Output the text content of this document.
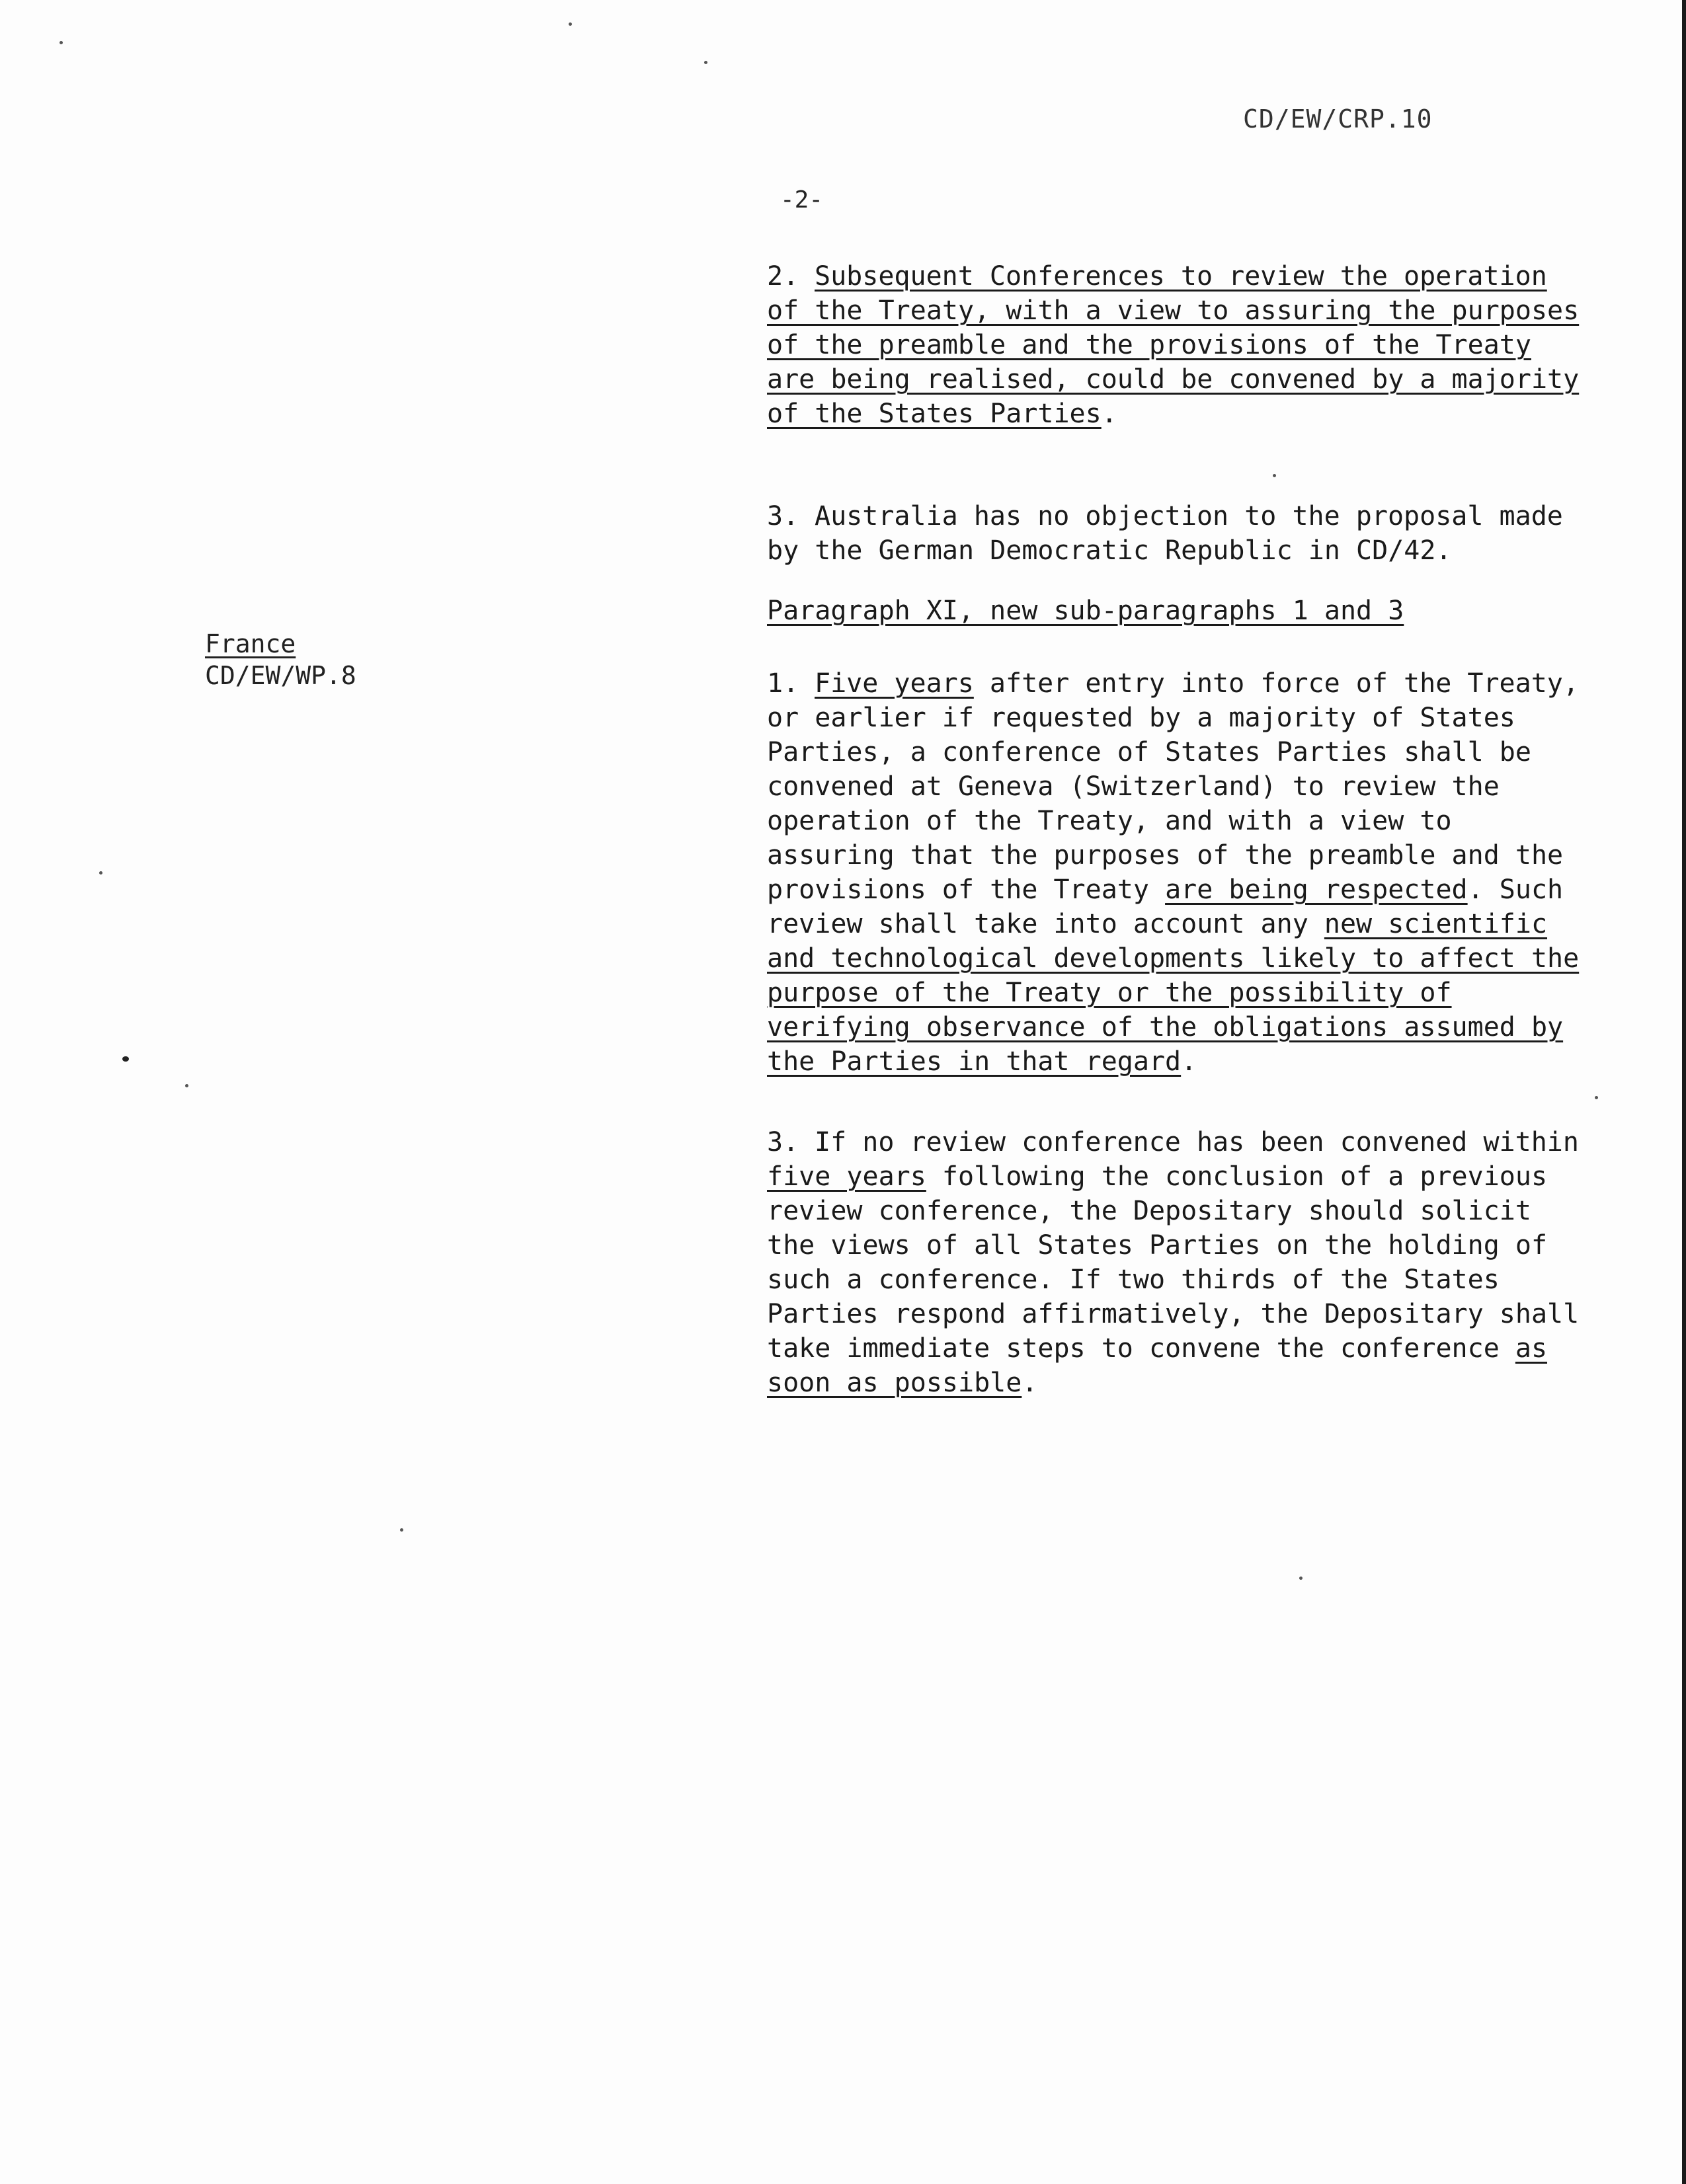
CD/EW/CRP.10
-2-
France
CD/EW/WP.8

2. Subsequent Conferences to review the operation of the Treaty, with a view to assuring the purposes of the preamble and the provisions of the Treaty are being realised, could be convened by a majority of the States Parties.

3. Australia has no objection to the proposal made by the German Democratic Republic in CD/42.

Paragraph XI, new sub-paragraphs 1 and 3

1. Five years after entry into force of the Treaty, or earlier if requested by a majority of States Parties, a conference of States Parties shall be convened at Geneva (Switzerland) to review the operation of the Treaty, and with a view to assuring that the purposes of the preamble and the provisions of the Treaty are being respected. Such review shall take into account any new scientific and technological developments likely to affect the purpose of the Treaty or the possibility of verifying observance of the obligations assumed by the Parties in that regard.

3. If no review conference has been convened within five years following the conclusion of a previous review conference, the Depositary should solicit the views of all States Parties on the holding of such a conference. If two thirds of the States Parties respond affirmatively, the Depositary shall take immediate steps to convene the conference as soon as possible.
